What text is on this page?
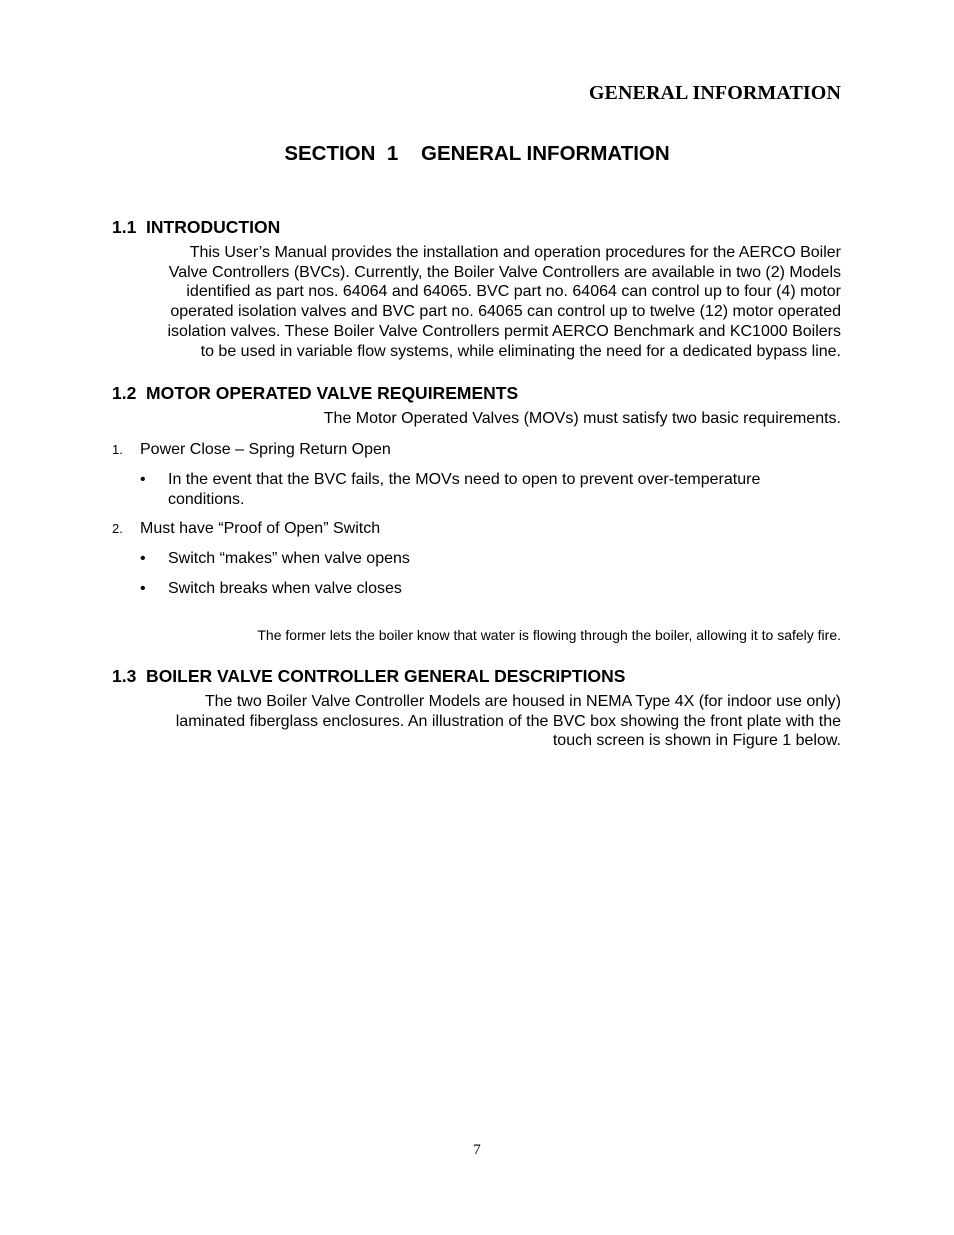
GENERAL INFORMATION
SECTION  1    GENERAL INFORMATION
1.1  INTRODUCTION
This User’s Manual provides the installation and operation procedures for the AERCO Boiler
Valve Controllers (BVCs). Currently, the Boiler Valve Controllers are available in two (2) Models
identified as part nos. 64064 and 64065. BVC part no. 64064 can control up to four (4) motor
operated isolation valves and BVC part no. 64065 can control up to twelve (12) motor operated
isolation valves. These Boiler Valve Controllers permit AERCO Benchmark and KC1000 Boilers
to be used in variable flow systems, while eliminating the need for a dedicated bypass line.
1.2  MOTOR OPERATED VALVE REQUIREMENTS
The Motor Operated Valves (MOVs) must satisfy two basic requirements.
1. Power Close – Spring Return Open
• In the event that the BVC fails, the MOVs need to open to prevent over-temperature
conditions.
2. Must have “Proof of Open” Switch
• Switch “makes” when valve opens
• Switch breaks when valve closes
The former lets the boiler know that water is flowing through the boiler, allowing it to safely fire.
1.3  BOILER VALVE CONTROLLER GENERAL DESCRIPTIONS
The two Boiler Valve Controller Models are housed in NEMA Type 4X (for indoor use only)
laminated fiberglass enclosures. An illustration of the BVC box showing the front plate with the
touch screen is shown in Figure 1 below.
7
